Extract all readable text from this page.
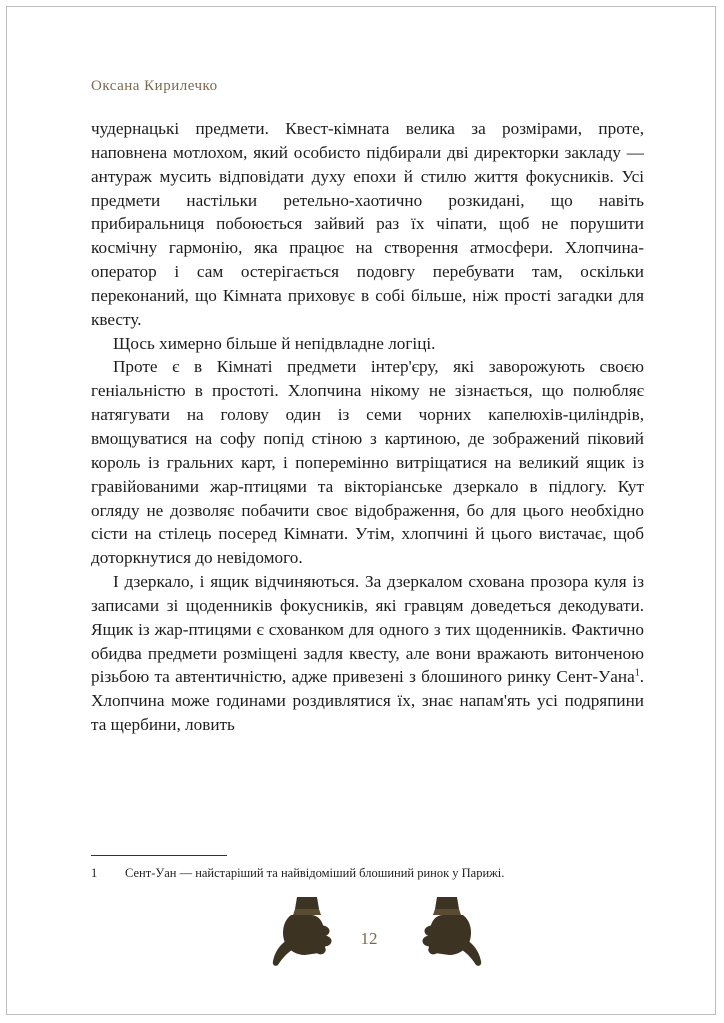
Оксана Кирилечко

чудернацькі предмети. Квест-кімната велика за розмірами, проте, наповнена мотлохом, який особисто підбирали дві директорки закладу — антураж мусить відповідати духу епохи й стилю життя фокусників. Усі предмети настільки ретельно-хаотично розкидані, що навіть прибиральниця побоюється зайвий раз їх чіпати, щоб не порушити космічну гармонію, яка працює на створення атмосфери. Хлопчина-оператор і сам остерігається подовгу перебувати там, оскільки переконаний, що Кімната приховує в собі більше, ніж прості загадки для квесту.

Щось химерно більше й непідвладне логіці.

Проте є в Кімнаті предмети інтер'єру, які заворожують своєю геніальністю в простоті. Хлопчина нікому не зізнається, що полюбляє натягувати на голову один із семи чорних капелюхів-циліндрів, вмощуватися на софу попід стіною з картиною, де зображений піковий король із гральних карт, і поперемінно витріщатися на великий ящик із гравійованими жар-птицями та вікторіанське дзеркало в підлогу. Кут огляду не дозволяє побачити своє відображення, бо для цього необхідно сісти на стілець посеред Кімнати. Утім, хлопчині й цього вистачає, щоб доторкнутися до невідомого.

І дзеркало, і ящик відчиняються. За дзеркалом схована прозора куля із записами зі щоденників фокусників, які гравцям доведеться декодувати. Ящик із жар-птицями є схованком для одного з тих щоденників. Фактично обидва предмети розміщені задля квесту, але вони вражають витонченою різьбою та автентичністю, адже привезені з блошиного ринку Сент-Уана$^1$. Хлопчина може годинами роздивлятися їх, знає напам'ять усі подряпини та щербини, ловить

1 Сент-Уан — найстаріший та найвідоміший блошиний ринок у Парижі.
12
